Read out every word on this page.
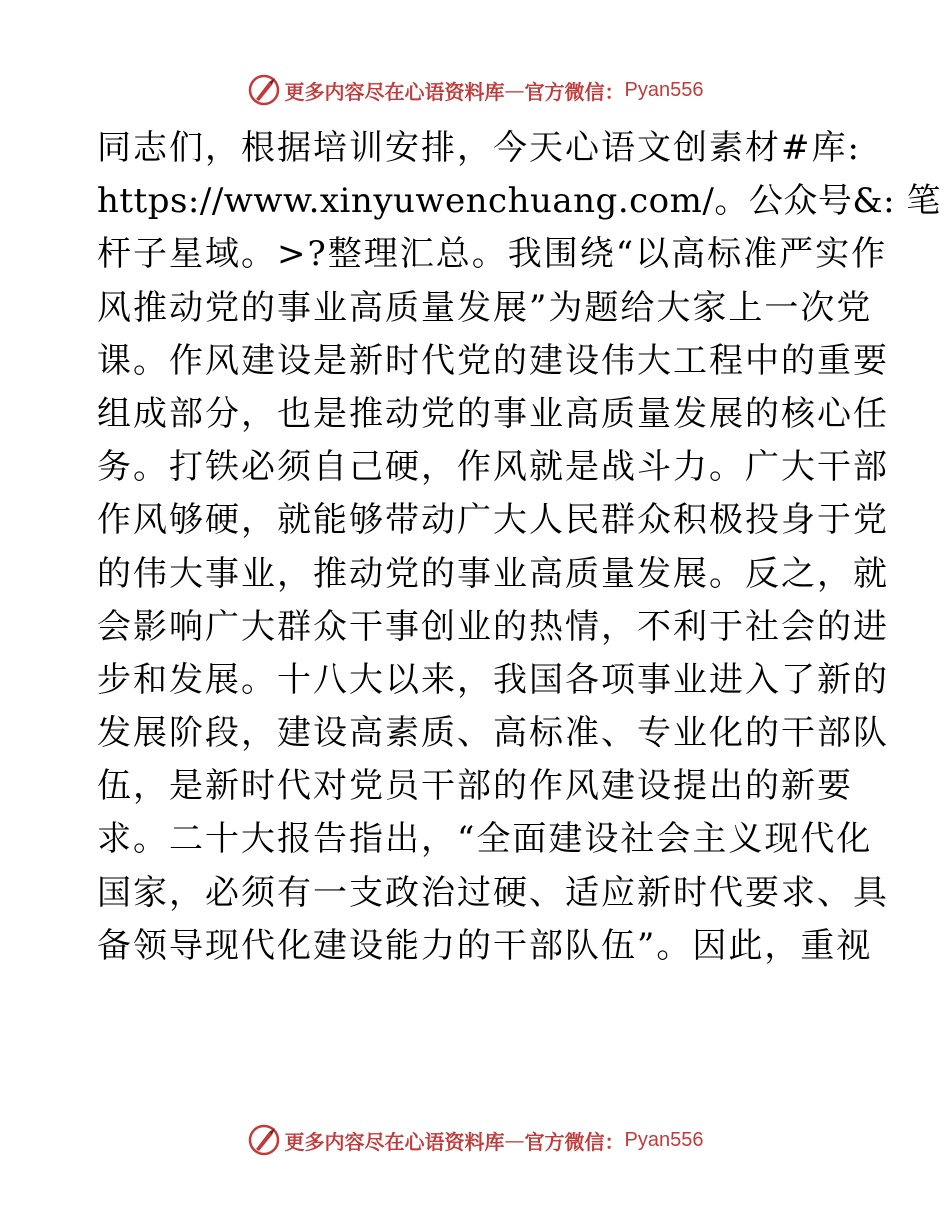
更多内容尽在心语资料库 — 官方微信： Pyan556
同志们，根据培训安排，今天心语文创素材#库:
https://www.xinyuwenchuang.com/。公众号&: 笔
杆子星域。>?整理汇总。我围绕“以高标准严实作
风推动党的事业高质量发展”为题给大家上一次党
课。作风建设是新时代党的建设伟大工程中的重要
组成部分，也是推动党的事业高质量发展的核心任
务。打铁必须自己硬，作风就是战斗力。广大干部
作风够硬，就能够带动广大人民群众积极投身于党
的伟大事业，推动党的事业高质量发展。反之，就
会影响广大群众干事创业的热情，不利于社会的进
步和发展。十八大以来，我国各项事业进入了新的
发展阶段，建设高素质、高标准、专业化的干部队
伍，是新时代对党员干部的作风建设提出的新要
求。二十大报告指出，“全面建设社会主义现代化
国家，必须有一支政治过硬、适应新时代要求、具
备领导现代化建设能力的干部队伍”。因此，重视
更多内容尽在心语资料库 — 官方微信： Pyan556
